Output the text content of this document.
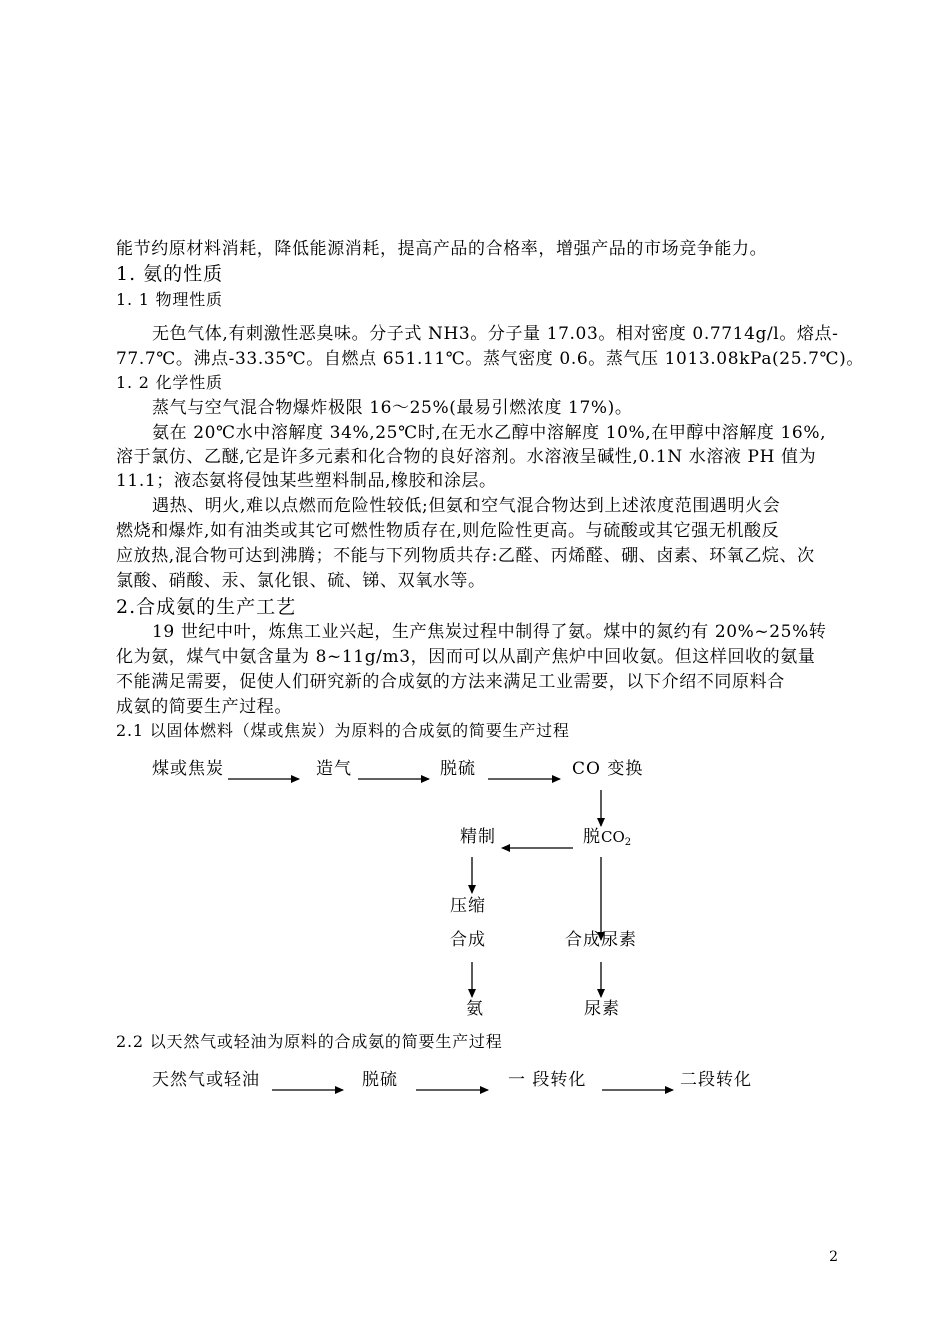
能节约原材料消耗，降低能源消耗，提高产品的合格率，增强产品的市场竞争能力。
1. 氨的性质
1. 1 物理性质
无色气体,有刺激性恶臭味。分子式 NH3。分子量 17.03。相对密度 0.7714g/l。熔点-
77.7℃。沸点-33.35℃。自燃点 651.11℃。蒸气密度 0.6。蒸气压 1013.08kPa(25.7℃)。
1. 2 化学性质
蒸气与空气混合物爆炸极限 16～25%(最易引燃浓度 17%)。
氨在 20℃水中溶解度 34%,25℃时,在无水乙醇中溶解度 10%,在甲醇中溶解度 16%,
溶于氯仿、乙醚,它是许多元素和化合物的良好溶剂。水溶液呈碱性,0.1N 水溶液 PH 值为
11.1；液态氨将侵蚀某些塑料制品,橡胶和涂层。
遇热、明火,难以点燃而危险性较低;但氨和空气混合物达到上述浓度范围遇明火会
燃烧和爆炸,如有油类或其它可燃性物质存在,则危险性更高。与硫酸或其它强无机酸反
应放热,混合物可达到沸腾；不能与下列物质共存:乙醛、丙烯醛、硼、卤素、环氧乙烷、次
氯酸、硝酸、汞、氯化银、硫、锑、双氧水等。
2.合成氨的生产工艺
19 世纪中叶，炼焦工业兴起，生产焦炭过程中制得了氨。煤中的氮约有 20%~25%转
化为氨，煤气中氨含量为 8~11g/m3，因而可以从副产焦炉中回收氨。但这样回收的氨量
不能满足需要，促使人们研究新的合成氨的方法来满足工业需要，以下介绍不同原料合
成氨的简要生产过程。
2.1 以固体燃料（煤或焦炭）为原料的合成氨的简要生产过程
煤或焦炭	造气	脱硫	CO 变换
精制	脱CO2
压缩
合成	合成尿素
氨	尿素
2.2 以天然气或轻油为原料的合成氨的简要生产过程
天然气或轻油	脱硫	一 段转化	二段转化
2
